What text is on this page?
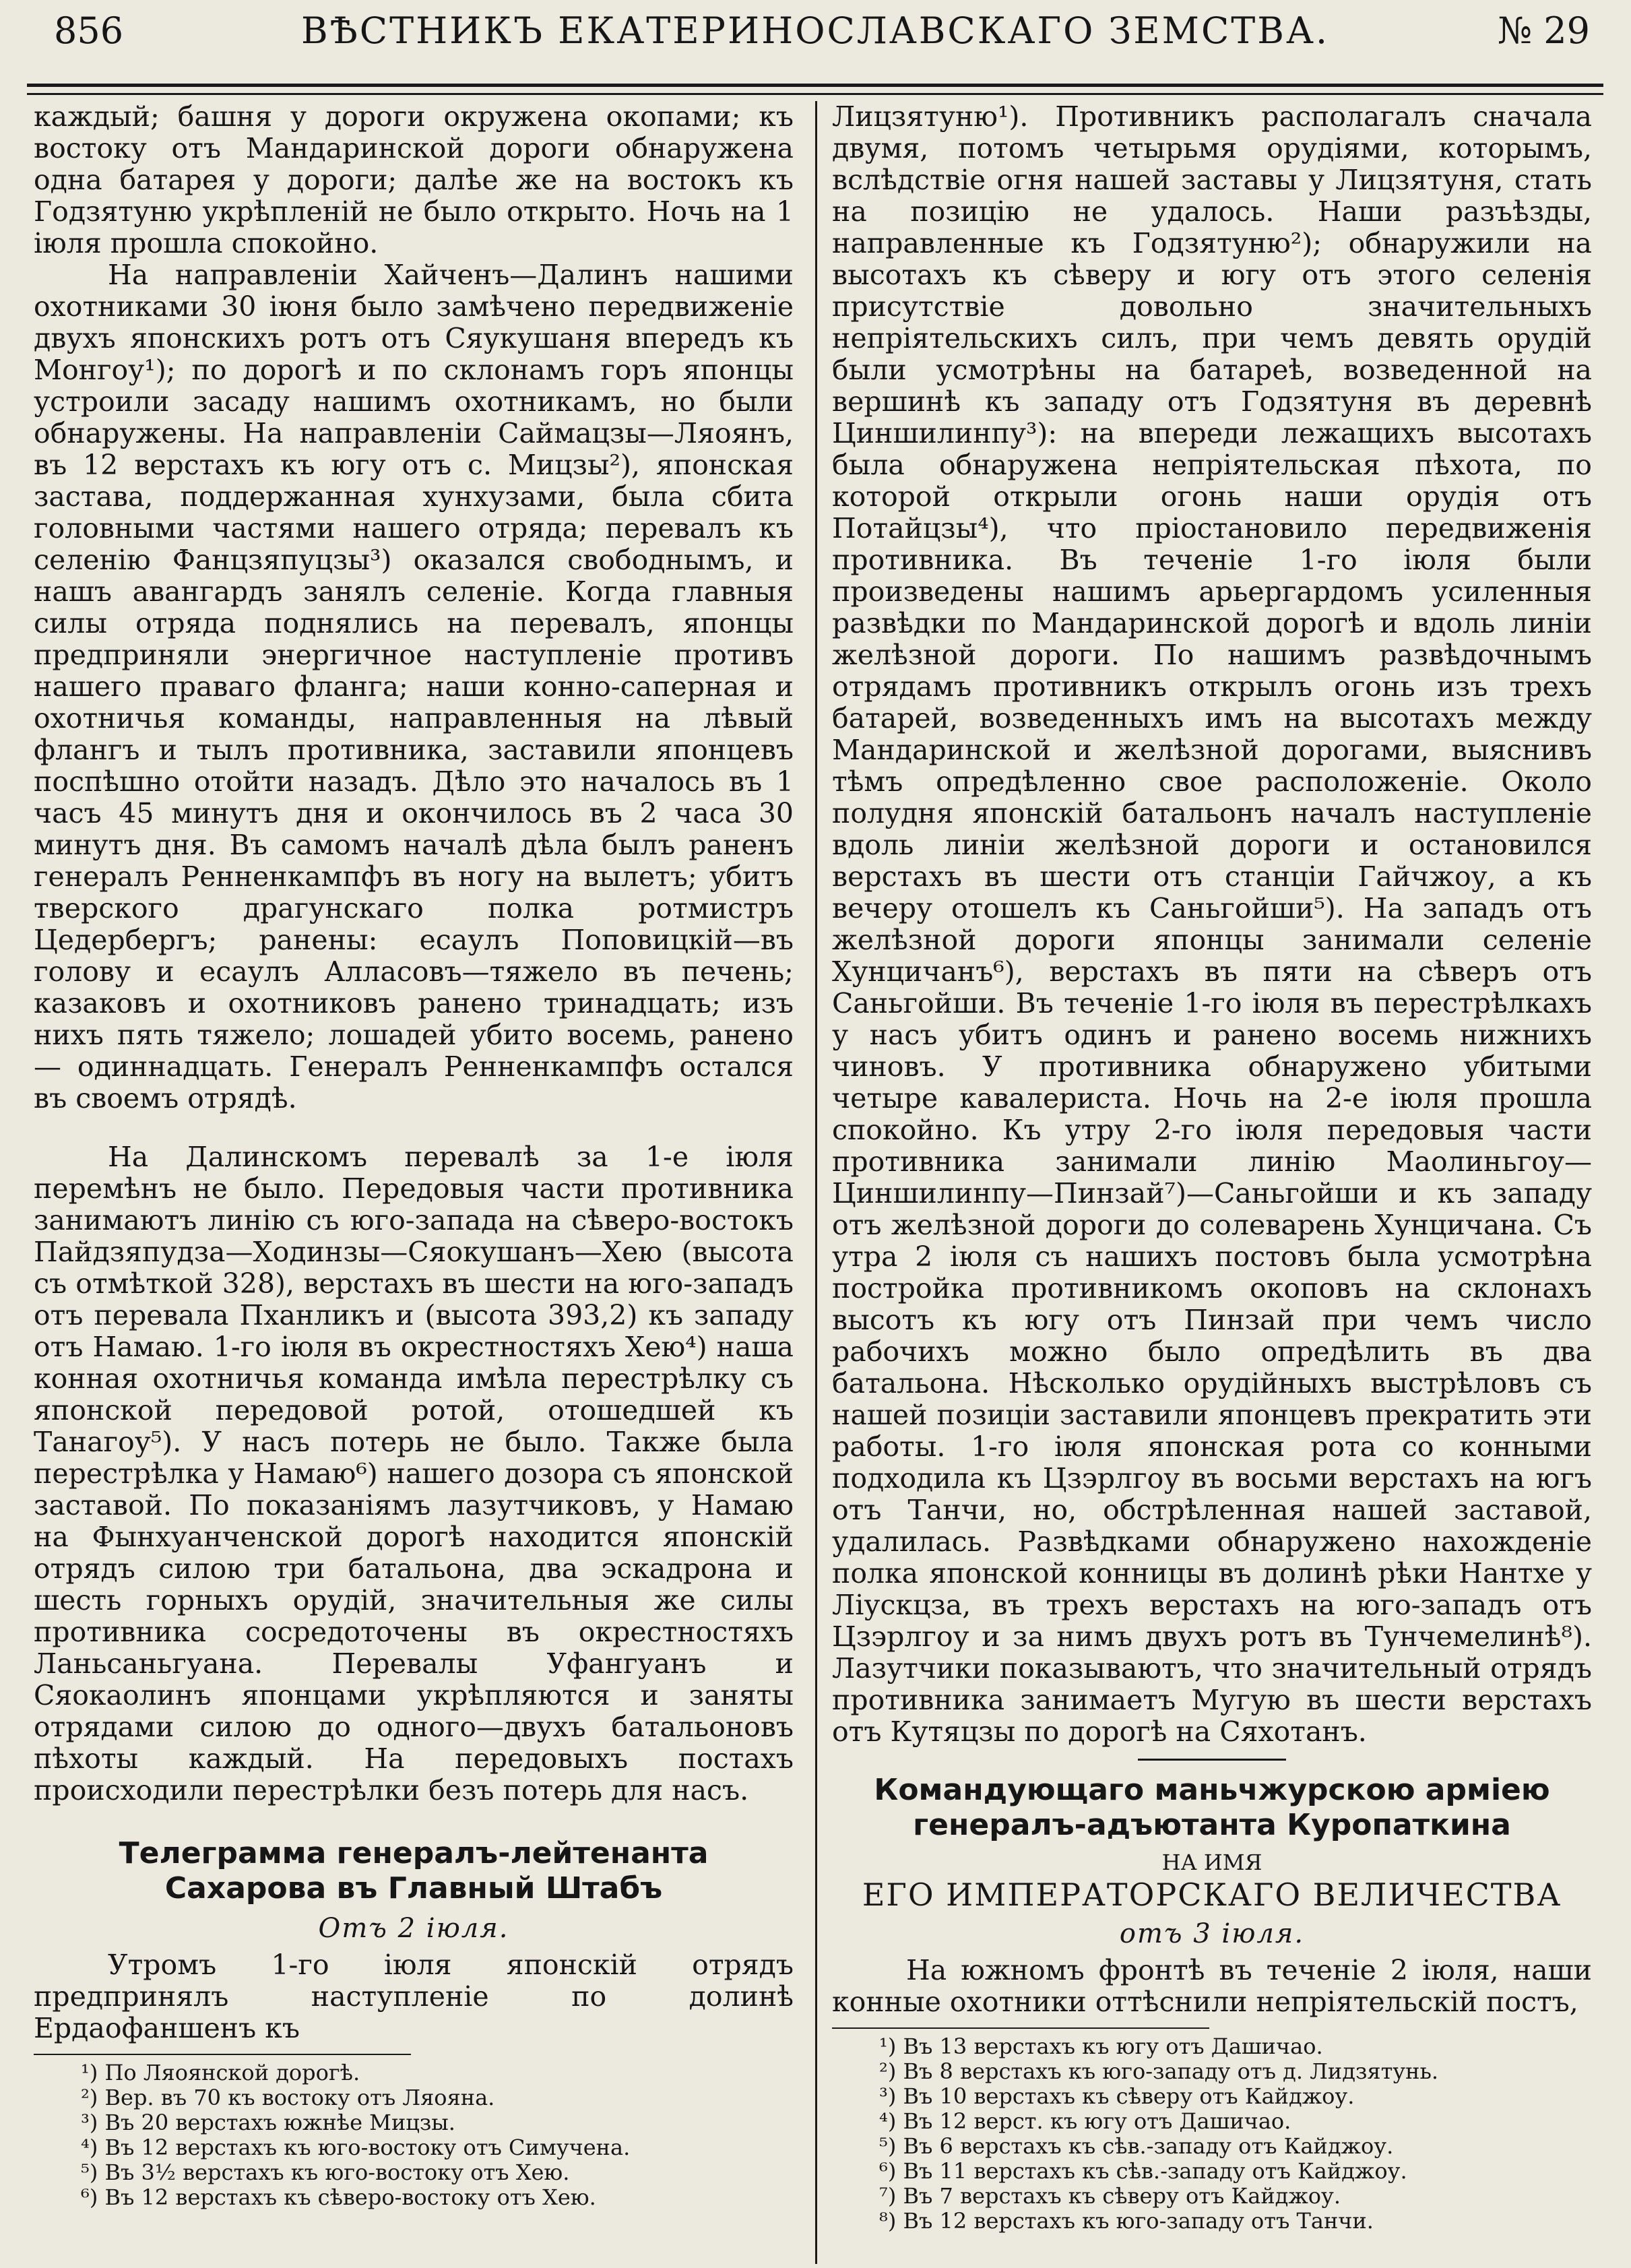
856	ВѢСТНИКЪ ЕКАТЕРИНОСЛАВСКАГО ЗЕМСТВА.	№ 29

каждый; башня у дороги окружена окопами; къ востоку отъ Мандаринской дороги обнаружена одна батарея у дороги; далѣе же на востокъ къ Годзятуню укрѣпленій не было открыто. Ночь на 1 іюля прошла спокойно.

На направленіи Хайченъ—Далинъ нашими охотниками 30 іюня было замѣчено передвиженіе двухъ японскихъ ротъ отъ Сяукушаня впередъ къ Монгоу¹); по дорогѣ и по склонамъ горъ японцы устроили засаду нашимъ охотникамъ, но были обнаружены. На направленіи Саймацзы—Ляоянъ, въ 12 верстахъ къ югу отъ с. Мицзы²), японская застава, поддержанная хунхузами, была сбита головными частями нашего отряда; перевалъ къ селенію Фанцзяпуцзы³) оказался свободнымъ, и нашъ авангардъ занялъ селеніе. Когда главныя силы отряда поднялись на перевалъ, японцы предприняли энергичное наступленіе противъ нашего праваго фланга; наши конно-саперная и охотничья команды, направленныя на лѣвый флангъ и тылъ противника, заставили японцевъ поспѣшно отойти назадъ. Дѣло это началось въ 1 часъ 45 минутъ дня и окончилось въ 2 часа 30 минутъ дня. Въ самомъ началѣ дѣла былъ раненъ генералъ Ренненкампфъ въ ногу на вылетъ; убитъ тверского драгунскаго полка ротмистръ Цедербергъ; ранены: есаулъ Поповицкій—въ голову и есаулъ Алласовъ—тяжело въ печень; казаковъ и охотниковъ ранено тринадцать; изъ нихъ пять тяжело; лошадей убито восемь, ранено — одиннадцать. Генералъ Ренненкампфъ остался въ своемъ отрядѣ.

На Далинскомъ перевалѣ за 1-е іюля перемѣнъ не было. Передовыя части противника занимаютъ линію съ юго-запада на сѣверо-востокъ Пайдзяпудза—Ходинзы—Сяокушанъ—Хею (высота съ отмѣткой 328), верстахъ въ шести на юго-западъ отъ перевала Пханликъ и (высота 393,2) къ западу отъ Намаю. 1-го іюля въ окрестностяхъ Хею⁴) наша конная охотничья команда имѣла перестрѣлку съ японской передовой ротой, отошедшей къ Танагоу⁵). У насъ потерь не было. Также была перестрѣлка у Намаю⁶) нашего дозора съ японской заставой. По показаніямъ лазутчиковъ, у Намаю на Фынхуанченской дорогѣ находится японскій отрядъ силою три батальона, два эскадрона и шесть горныхъ орудій, значительныя же силы противника сосредоточены въ окрестностяхъ Ланьсаньгуана. Перевалы Уфангуанъ и Сяокаолинъ японцами укрѣпляются и заняты отрядами силою до одного—двухъ батальоновъ пѣхоты каждый. На передовыхъ постахъ происходили перестрѣлки безъ потерь для насъ.

Телеграмма генералъ-лейтенанта Сахарова въ Главный Штабъ
Отъ 2 іюля.

Утромъ 1-го іюля японскій отрядъ предпринялъ наступленіе по долинѣ Ердаофаншенъ къ

¹) По Ляоянской дорогѣ.
²) Вер. въ 70 къ востоку отъ Ляояна.
³) Въ 20 верстахъ южнѣе Мицзы.
⁴) Въ 12 верстахъ къ юго-востоку отъ Симучена.
⁵) Въ 3½ верстахъ къ юго-востоку отъ Хею.
⁶) Въ 12 верстахъ къ сѣверо-востоку отъ Хею.

Лицзятуню¹). Противникъ располагалъ сначала двумя, потомъ четырьмя орудіями, которымъ, вслѣдствіе огня нашей заставы у Лицзятуня, стать на позицію не удалось. Наши разъѣзды, направленные къ Годзятуню²); обнаружили на высотахъ къ сѣверу и югу отъ этого селенія присутствіе довольно значительныхъ непріятельскихъ силъ, при чемъ девять орудій были усмотрѣны на батареѣ, возведенной на вершинѣ къ западу отъ Годзятуня въ деревнѣ Циншилинпу³): на впереди лежащихъ высотахъ была обнаружена непріятельская пѣхота, по которой открыли огонь наши орудія отъ Потайцзы⁴), что пріостановило передвиженія противника. Въ теченіе 1-го іюля были произведены нашимъ арьергардомъ усиленныя развѣдки по Мандаринской дорогѣ и вдоль линіи желѣзной дороги. По нашимъ развѣдочнымъ отрядамъ противникъ открылъ огонь изъ трехъ батарей, возведенныхъ имъ на высотахъ между Мандаринской и желѣзной дорогами, выяснивъ тѣмъ опредѣленно свое расположеніе. Около полудня японскій батальонъ началъ наступленіе вдоль линіи желѣзной дороги и остановился верстахъ въ шести отъ станціи Гайчжоу, а къ вечеру отошелъ къ Саньгойши⁵). На западъ отъ желѣзной дороги японцы занимали селеніе Хунцичанъ⁶), верстахъ въ пяти на сѣверъ отъ Саньгойши. Въ теченіе 1-го іюля въ перестрѣлкахъ у насъ убитъ одинъ и ранено восемь нижнихъ чиновъ. У противника обнаружено убитыми четыре кавалериста. Ночь на 2-е іюля прошла спокойно. Къ утру 2-го іюля передовыя части противника занимали линію Маолиньгоу—Циншилинпу—Пинзай⁷)—Саньгойши и къ западу отъ желѣзной дороги до солеварень Хунцичана. Съ утра 2 іюля съ нашихъ постовъ была усмотрѣна постройка противникомъ окоповъ на склонахъ высотъ къ югу отъ Пинзай при чемъ число рабочихъ можно было опредѣлить въ два батальона. Нѣсколько орудійныхъ выстрѣловъ съ нашей позиціи заставили японцевъ прекратить эти работы. 1-го іюля японская рота со конными подходила къ Цзэрлгоу въ восьми верстахъ на югъ отъ Танчи, но, обстрѣленная нашей заставой, удалилась. Развѣдками обнаружено нахожденіе полка японской конницы въ долинѣ рѣки Нантхе у Ліускцза, въ трехъ верстахъ на юго-западъ отъ Цзэрлгоу и за нимъ двухъ ротъ въ Тунчемелинѣ⁸). Лазутчики показываютъ, что значительный отрядъ противника занимаетъ Мугую въ шести верстахъ отъ Кутяцзы по дорогѣ на Сяхотанъ.

Командующаго маньчжурскою арміею генералъ-адъютанта Куропаткина
НА ИМЯ
ЕГО ИМПЕРАТОРСКАГО ВЕЛИЧЕСТВА
отъ 3 іюля.

На южномъ фронтѣ въ теченіе 2 іюля, наши конные охотники оттѣснили непріятельскій постъ,

¹) Въ 13 верстахъ къ югу отъ Дашичао.
²) Въ 8 верстахъ къ юго-западу отъ д. Лидзятунь.
³) Въ 10 верстахъ къ сѣверу отъ Кайджоу.
⁴) Въ 12 верст. къ югу отъ Дашичао.
⁵) Въ 6 верстахъ къ сѣв.-западу отъ Кайджоу.
⁶) Въ 11 верстахъ къ сѣв.-западу отъ Кайджоу.
⁷) Въ 7 верстахъ къ сѣверу отъ Кайджоу.
⁸) Въ 12 верстахъ къ юго-западу отъ Танчи.
